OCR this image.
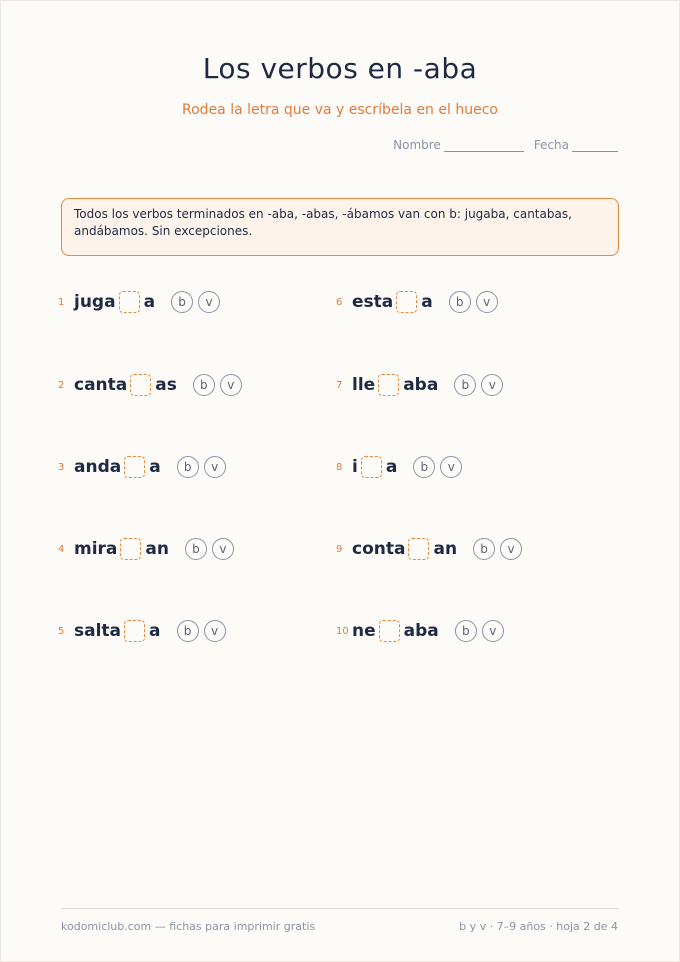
Los verbos en -aba
Rodea la letra que va y escríbela en el hueco
Nombre	Fecha
Todos los verbos terminados en -aba, -abas, -ábamos van con b: jugaba, cantabas, andábamos. Sin excepciones.
1 juga a	b	v
2 canta as	b	v
3 anda a	b	v
4 mira an	b	v
5 salta a	b	v
6 esta a	b	v
7 lle aba	b	v
8 i a	b	v
9 conta an	b	v
10 ne aba	b	v
kodomiclub.com — fichas para imprimir gratis	b y v · 7–9 años · hoja 2 de 4
